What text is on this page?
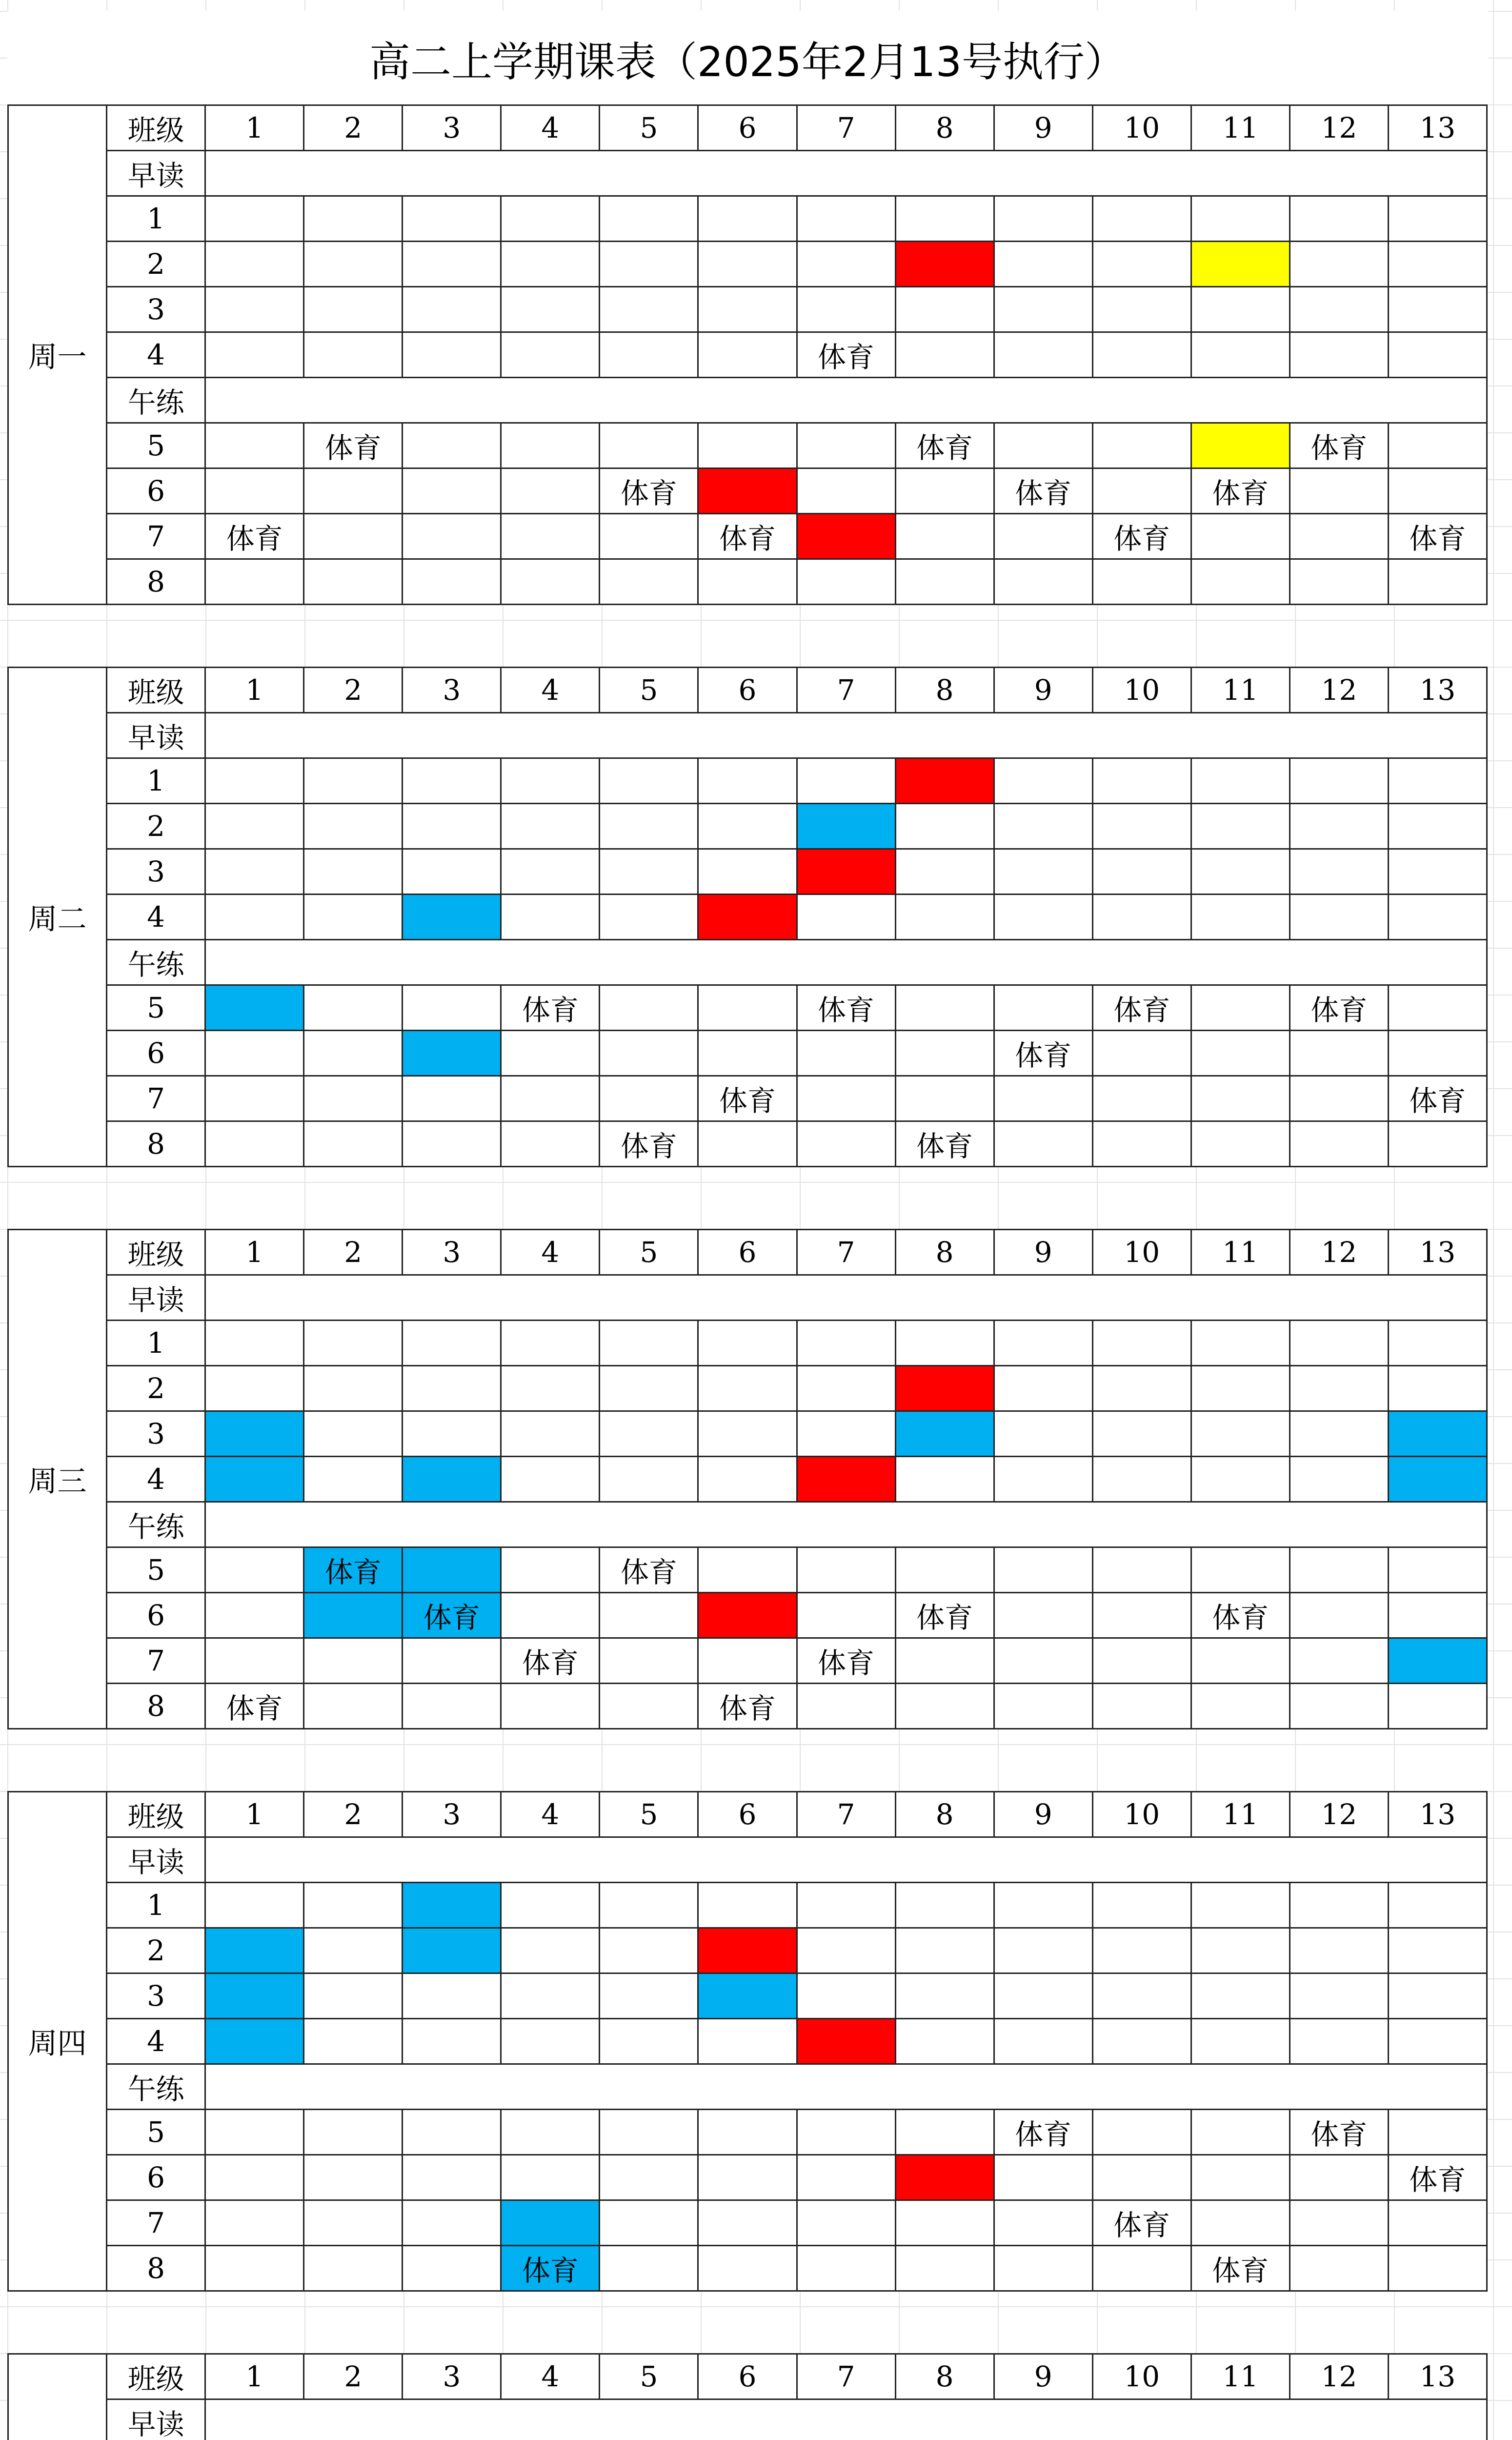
高二上学期课表（2025年2月13号执行）
周一	班级	1	2	3	4	5	6	7	8	9	10	11	12	13
	早读													
	1													
	2													
	3													
	4							体育						
	午练													
	5		体育						体育				体育	
	6					体育				体育		体育		
	7	体育					体育				体育			体育
	8													
周二	班级	1	2	3	4	5	6	7	8	9	10	11	12	13
	早读													
	1													
	2													
	3													
	4													
	午练													
	5				体育			体育			体育		体育	
	6									体育				
	7						体育							体育
	8					体育			体育					
周三	班级	1	2	3	4	5	6	7	8	9	10	11	12	13
	早读													
	1													
	2													
	3													
	4													
	午练													
	5		体育			体育								
	6			体育					体育			体育		
	7				体育			体育						
	8	体育					体育							
周四	班级	1	2	3	4	5	6	7	8	9	10	11	12	13
	早读													
	1													
	2													
	3													
	4													
	午练													
	5									体育			体育	
	6													体育
	7										体育			
	8				体育							体育		
	班级	1	2	3	4	5	6	7	8	9	10	11	12	13
	早读													
